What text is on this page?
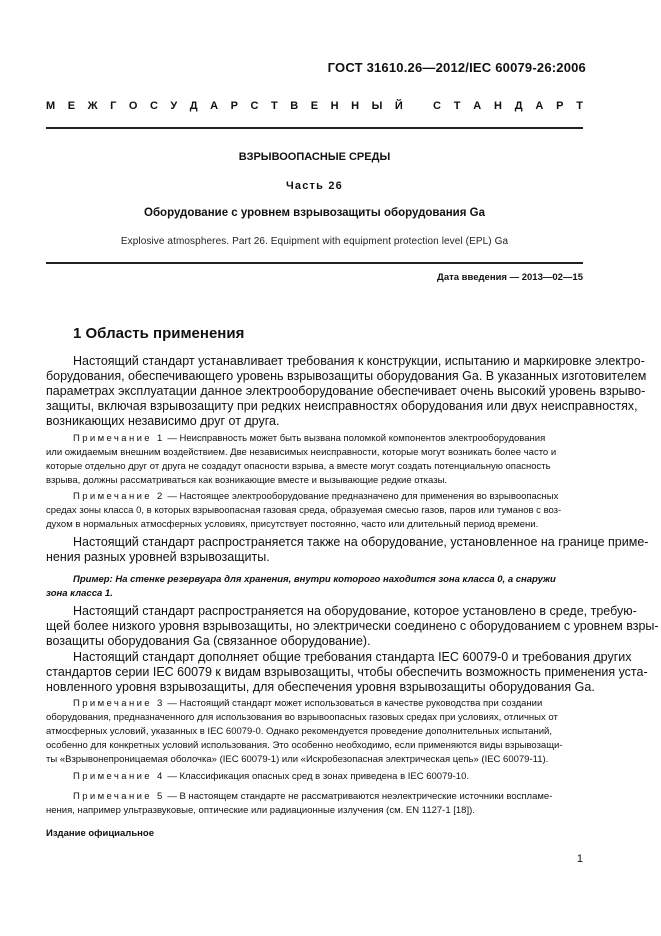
ГОСТ 31610.26—2012/IEC 60079-26:2006
М Е Ж Г О С У Д А Р С Т В Е Н Н Ы Й	С Т А Н Д А Р Т
ВЗРЫВООПАСНЫЕ СРЕДЫ
Часть 26
Оборудование с уровнем взрывозащиты оборудования Ga
Explosive atmospheres. Part 26. Equipment with equipment protection level (EPL) Ga
Дата введения — 2013—02—15
1 Область применения
Настоящий стандарт устанавливает требования к конструкции, испытанию и маркировке электро-
борудования, обеспечивающего уровень взрывозащиты оборудования Ga. В указанных изготовителем
параметрах эксплуатации данное электрооборудование обеспечивает очень высокий уровень взрыво-
защиты, включая взрывозащиту при редких неисправностях оборудования или двух неисправностях,
возникающих независимо друг от друга.
Примечание 1 — Неисправность может быть вызвана поломкой компонентов электрооборудования
или ожидаемым внешним воздействием. Две независимых неисправности, которые могут возникать более часто и
которые отдельно друг от друга не создадут опасности взрыва, а вместе могут создать потенциальную опасность
взрыва, должны рассматриваться как возникающие вместе и вызывающие редкие отказы.
Примечание 2 — Настоящее электрооборудование предназначено для применения во взрывоопасных
средах зоны класса 0, в которых взрывоопасная газовая среда, образуемая смесью газов, паров или туманов с воз-
духом в нормальных атмосферных условиях, присутствует постоянно, часто или длительный период времени.
Настоящий стандарт распространяется также на оборудование, установленное на границе приме-
нения разных уровней взрывозащиты.
Пример: На стенке резервуара для хранения, внутри которого находится зона класса 0, а снаружи
зона класса 1.
Настоящий стандарт распространяется на оборудование, которое установлено в среде, требую-
щей более низкого уровня взрывозащиты, но электрически соединено с оборудованием с уровнем взры-
возащиты оборудования Ga (связанное оборудование).
Настоящий стандарт дополняет общие требования стандарта IEC 60079-0 и требования других
стандартов серии IEC 60079 к видам взрывозащиты, чтобы обеспечить возможность применения уста-
новленного уровня взрывозащиты, для обеспечения уровня взрывозащиты оборудования Ga.
Примечание 3 — Настоящий стандарт может использоваться в качестве руководства при создании
оборудования, предназначенного для использования во взрывоопасных газовых средах при условиях, отличных от
атмосферных условий, указанных в IEC 60079-0. Однако рекомендуется проведение дополнительных испытаний,
особенно для конкретных условий использования. Это особенно необходимо, если применяются виды взрывозащи-
ты «Взрывонепроницаемая оболочка» (IEC 60079-1) или «Искробезопасная электрическая цепь» (IEC 60079-11).
Примечание 4 — Классификация опасных сред в зонах приведена в IEC 60079-10.
Примечание 5 — В настоящем стандарте не рассматриваются неэлектрические источники воспламе-
нения, например ультразвуковые, оптические или радиационные излучения (см. EN 1127-1 [18]).
Издание официальное
1
